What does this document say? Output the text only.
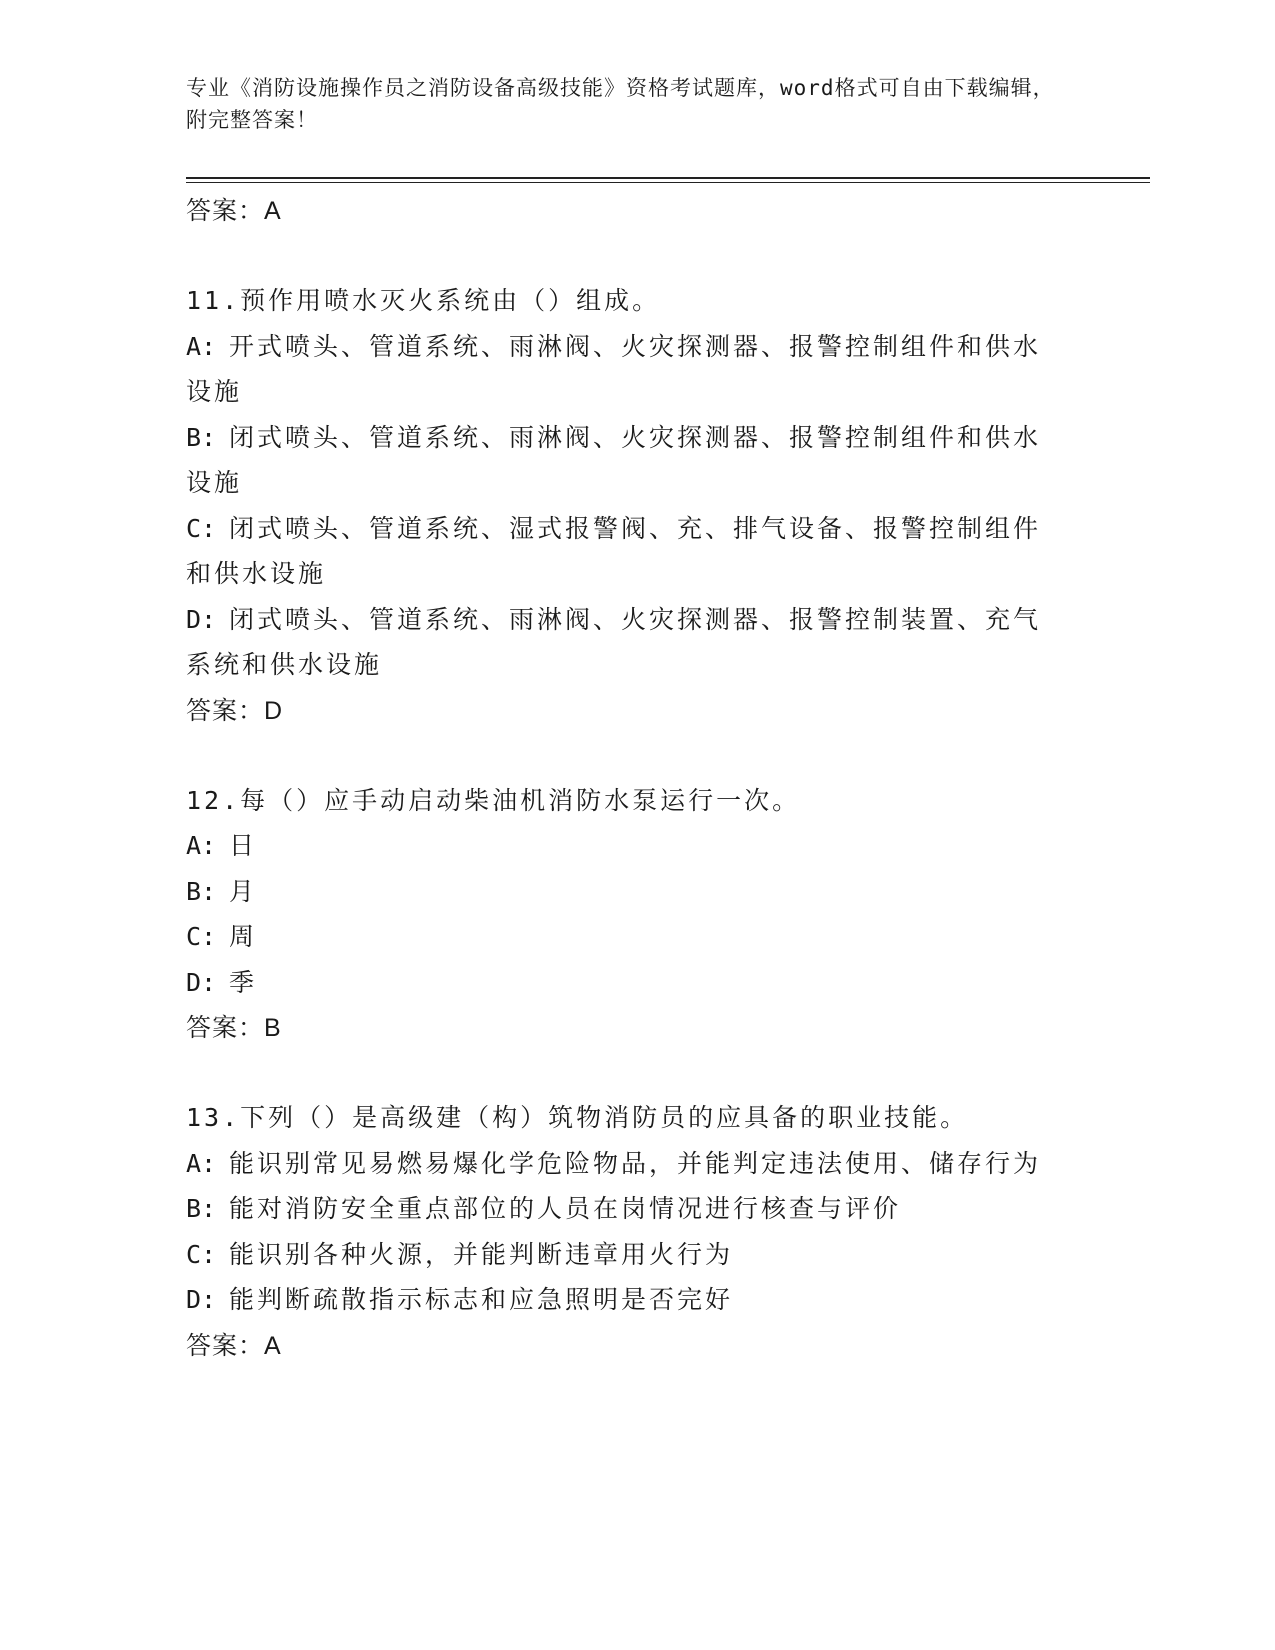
专业《消防设施操作员之消防设备高级技能》资格考试题库，word格式可自由下载编辑，附完整答案！
答案：A
11.预作用喷水灭火系统由（）组成。
A: 开式喷头、管道系统、雨淋阀、火灾探测器、报警控制组件和供水设施
B: 闭式喷头、管道系统、雨淋阀、火灾探测器、报警控制组件和供水设施
C: 闭式喷头、管道系统、湿式报警阀、充、排气设备、报警控制组件和供水设施
D: 闭式喷头、管道系统、雨淋阀、火灾探测器、报警控制装置、充气系统和供水设施
答案：D
12.每（）应手动启动柴油机消防水泵运行一次。
A: 日
B: 月
C: 周
D: 季
答案：B
13.下列（）是高级建（构）筑物消防员的应具备的职业技能。
A: 能识别常见易燃易爆化学危险物品，并能判定违法使用、储存行为
B: 能对消防安全重点部位的人员在岗情况进行核查与评价
C: 能识别各种火源，并能判断违章用火行为
D: 能判断疏散指示标志和应急照明是否完好
答案：A
